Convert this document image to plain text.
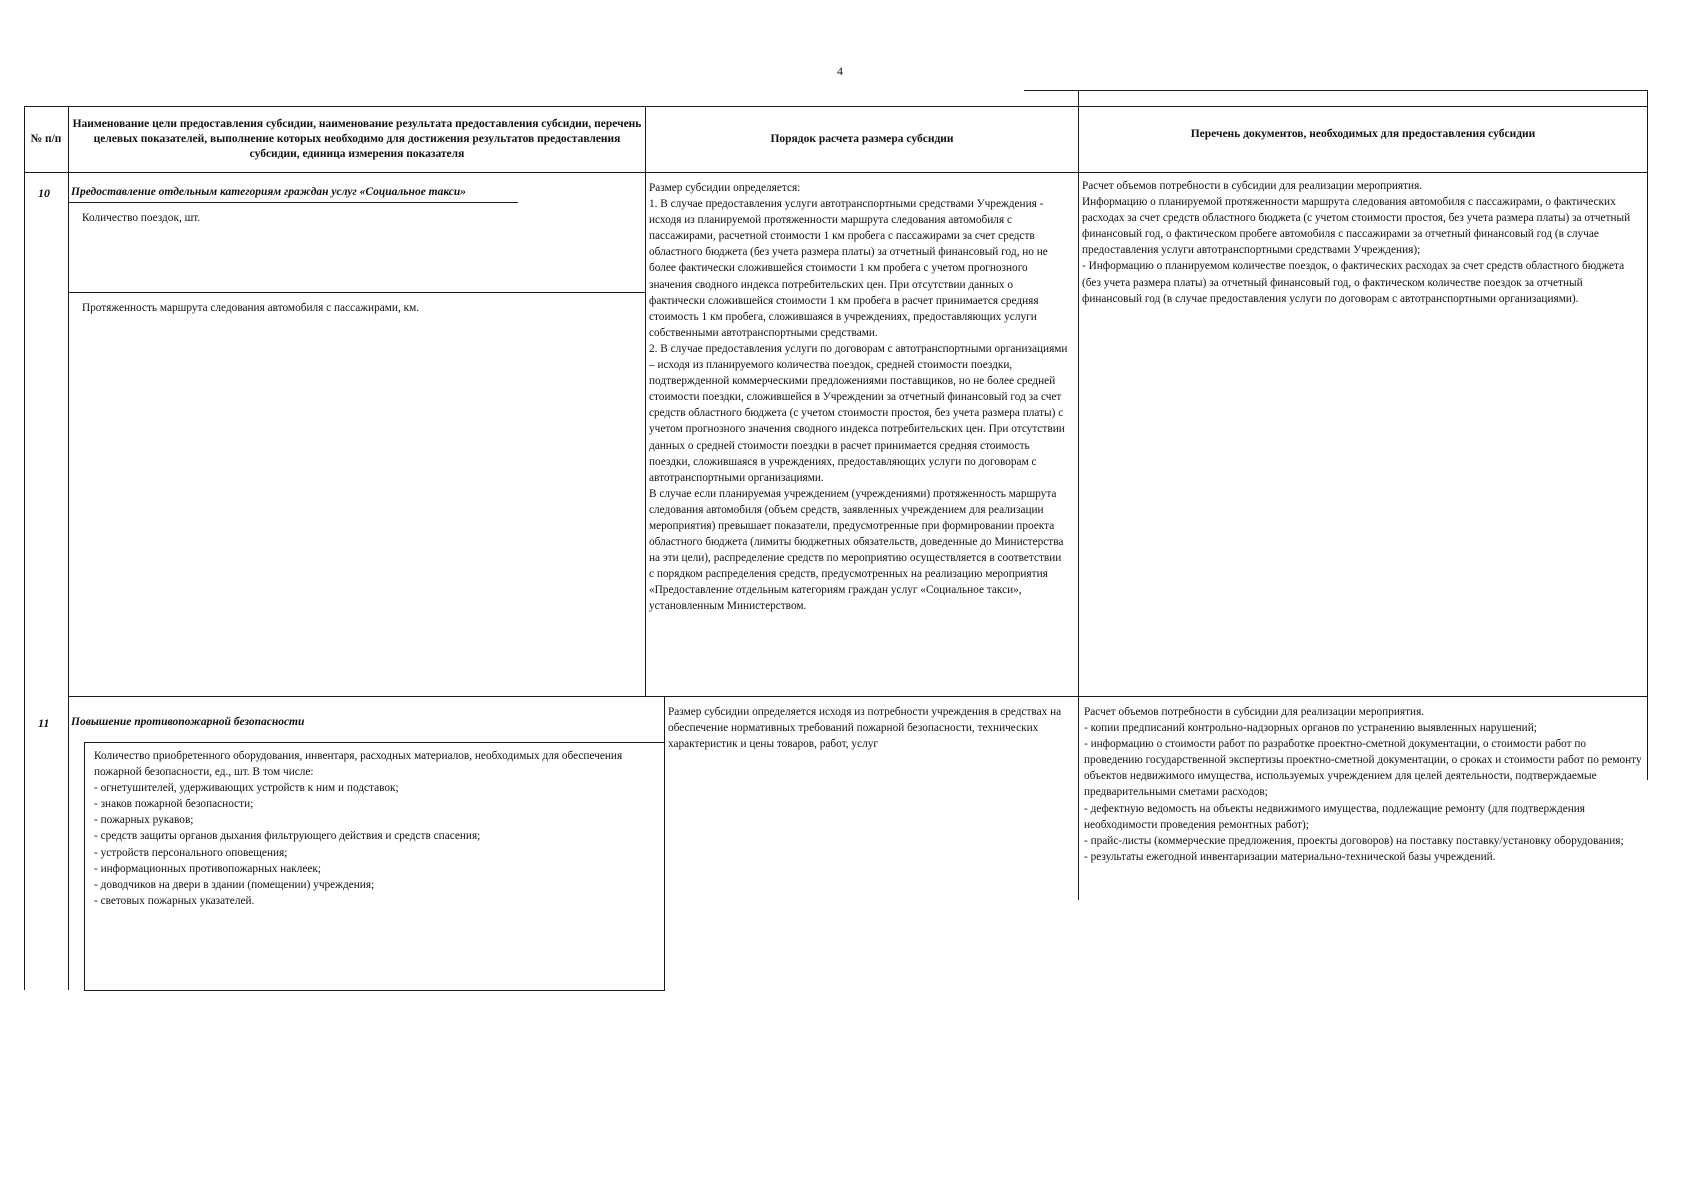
4
№ п/п
Наименование цели предоставления субсидии, наименование результата предоставления субсидии, перечень целевых показателей, выполнение которых необходимо для достижения результатов предоставления субсидии, единица измерения показателя
Порядок расчета размера субсидии	Перечень документов, необходимых для предоставления субсидии
10 Предоставление отдельным категориям граждан услуг «Социальное такси»
Количество поездок, шт.
Протяженность маршрута следования автомобиля с пассажирами, км.
Размер субсидии определяется:
1. В случае предоставления услуги автотранспортными средствами Учреждения - исходя из планируемой протяженности маршрута следования автомобиля с пассажирами, расчетной стоимости 1 км пробега с пассажирами за счет средств областного бюджета (без учета размера платы) за отчетный финансовый год, но не более фактически сложившейся стоимости 1 км пробега с учетом прогнозного значения сводного индекса потребительских цен. При отсутствии данных о фактически сложившейся стоимости 1 км пробега в расчет принимается средняя стоимость 1 км пробега, сложившаяся в учреждениях, предоставляющих услуги собственными автотранспортными средствами.
2. В случае предоставления услуги по договорам с автотранспортными организациями – исходя из планируемого количества поездок, средней стоимости поездки, подтвержденной коммерческими предложениями поставщиков, но не более средней стоимости поездки, сложившейся в Учреждении за отчетный финансовый год за счет средств областного бюджета (с учетом стоимости простоя, без учета размера платы) с учетом прогнозного значения сводного индекса потребительских цен. При отсутствии данных о средней стоимости поездки в расчет принимается средняя стоимость поездки, сложившаяся в учреждениях, предоставляющих услуги по договорам с автотранспортными организациями.
В случае если планируемая учреждением (учреждениями) протяженность маршрута следования автомобиля (объем средств, заявленных учреждением для реализации мероприятия) превышает показатели, предусмотренные при формировании проекта областного бюджета (лимиты бюджетных обязательств, доведенные до Министерства на эти цели), распределение средств по мероприятию осуществляется в соответствии с порядком распределения средств, предусмотренных на реализацию мероприятия «Предоставление отдельным категориям граждан услуг «Социальное такси», установленным Министерством.
Расчет объемов потребности в субсидии для реализации мероприятия.
Информацию о планируемой протяженности маршрута следования автомобиля с пассажирами, о фактических расходах за счет средств областного бюджета (с учетом стоимости простоя, без учета размера платы) за отчетный финансовый год, о фактическом пробеге автомобиля с пассажирами за отчетный финансовый год (в случае предоставления услуги автотранспортными средствами Учреждения);
- Информацию о планируемом количестве поездок, о фактических расходах за счет средств областного бюджета (без учета размера платы) за отчетный финансовый год, о фактическом количестве поездок за отчетный финансовый год (в случае предоставления услуги по договорам с автотранспортными организациями).
11 Повышение противопожарной безопасности
Количество приобретенного оборудования, инвентаря, расходных материалов, необходимых для обеспечения пожарной безопасности, ед., шт. В том числе:
- огнетушителей, удерживающих устройств к ним и подставок;
- знаков пожарной безопасности;
- пожарных рукавов;
- средств защиты органов дыхания фильтрующего действия и средств спасения;
- устройств персонального оповещения;
- информационных противопожарных наклеек;
- доводчиков на двери в здании (помещении) учреждения;
- световых пожарных указателей.
Размер субсидии определяется исходя из потребности учреждения в средствах на обеспечение нормативных требований пожарной безопасности, технических характеристик и цены товаров, работ, услуг
Расчет объемов потребности в субсидии для реализации мероприятия.
- копии предписаний контрольно-надзорных органов по устранению выявленных нарушений;
- информацию о стоимости работ по разработке проектно-сметной документации, о стоимости работ по проведению государственной экспертизы проектно-сметной документации, о сроках и стоимости работ по ремонту объектов недвижимого имущества, используемых учреждением для целей деятельности, подтверждаемые предварительными сметами расходов;
- дефектную ведомость на объекты недвижимого имущества, подлежащие ремонту (для подтверждения необходимости проведения ремонтных работ);
- прайс-листы (коммерческие предложения, проекты договоров) на поставку поставку/установку оборудования;
- результаты ежегодной инвентаризации материально-технической базы учреждений.
